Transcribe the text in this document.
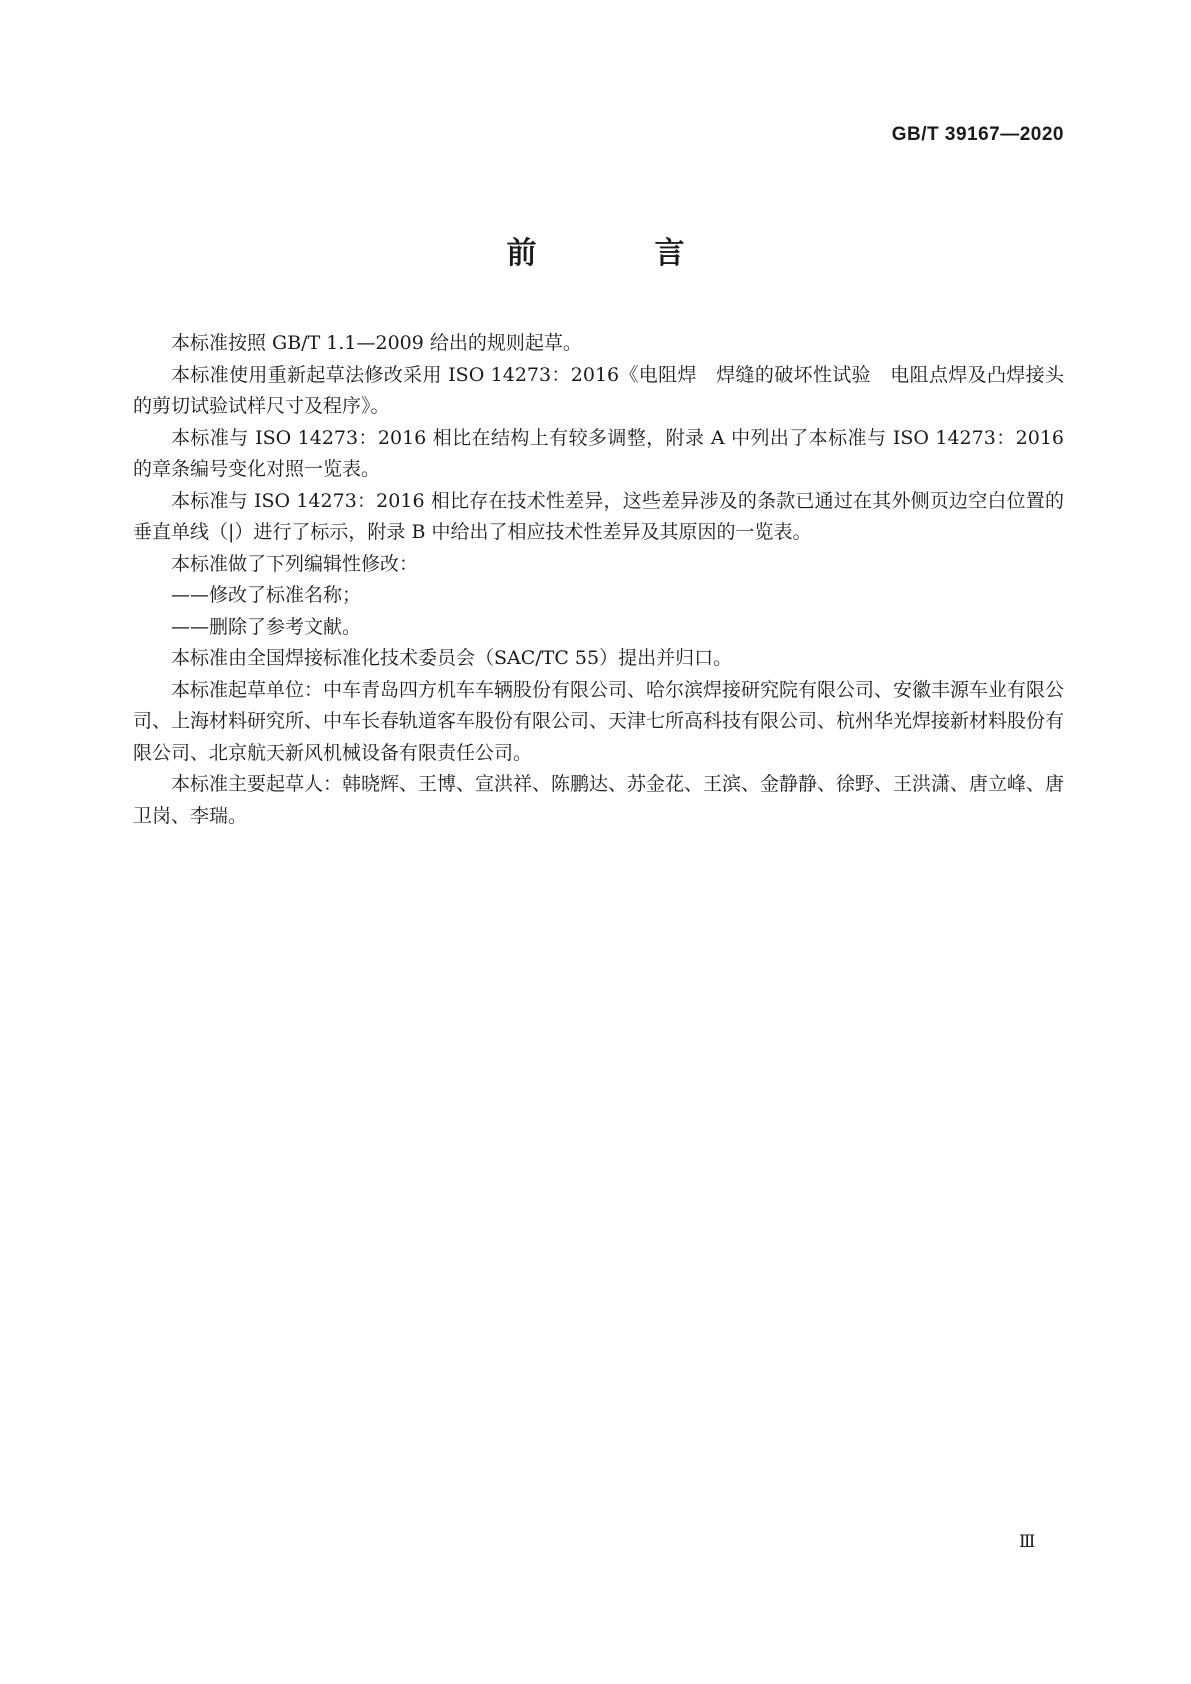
GB/T 39167—2020
前　言

本标准按照 GB/T 1.1—2009 给出的规则起草。

本标准使用重新起草法修改采用 ISO 14273：2016《电阻焊　焊缝的破坏性试验　电阻点焊及凸焊接头的剪切试验试样尺寸及程序》。

本标准与 ISO 14273：2016 相比在结构上有较多调整，附录 A 中列出了本标准与 ISO 14273：2016 的章条编号变化对照一览表。

本标准与 ISO 14273：2016 相比存在技术性差异，这些差异涉及的条款已通过在其外侧页边空白位置的垂直单线（|）进行了标示，附录 B 中给出了相应技术性差异及其原因的一览表。

本标准做了下列编辑性修改：

——修改了标准名称；

——删除了参考文献。

本标准由全国焊接标准化技术委员会（SAC/TC 55）提出并归口。

本标准起草单位：中车青岛四方机车车辆股份有限公司、哈尔滨焊接研究院有限公司、安徽丰源车业有限公司、上海材料研究所、中车长春轨道客车股份有限公司、天津七所高科技有限公司、杭州华光焊接新材料股份有限公司、北京航天新风机械设备有限责任公司。

本标准主要起草人：韩晓辉、王博、宣洪祥、陈鹏达、苏金花、王滨、金静静、徐野、王洪潇、唐立峰、唐卫岗、李瑞。

Ⅲ
